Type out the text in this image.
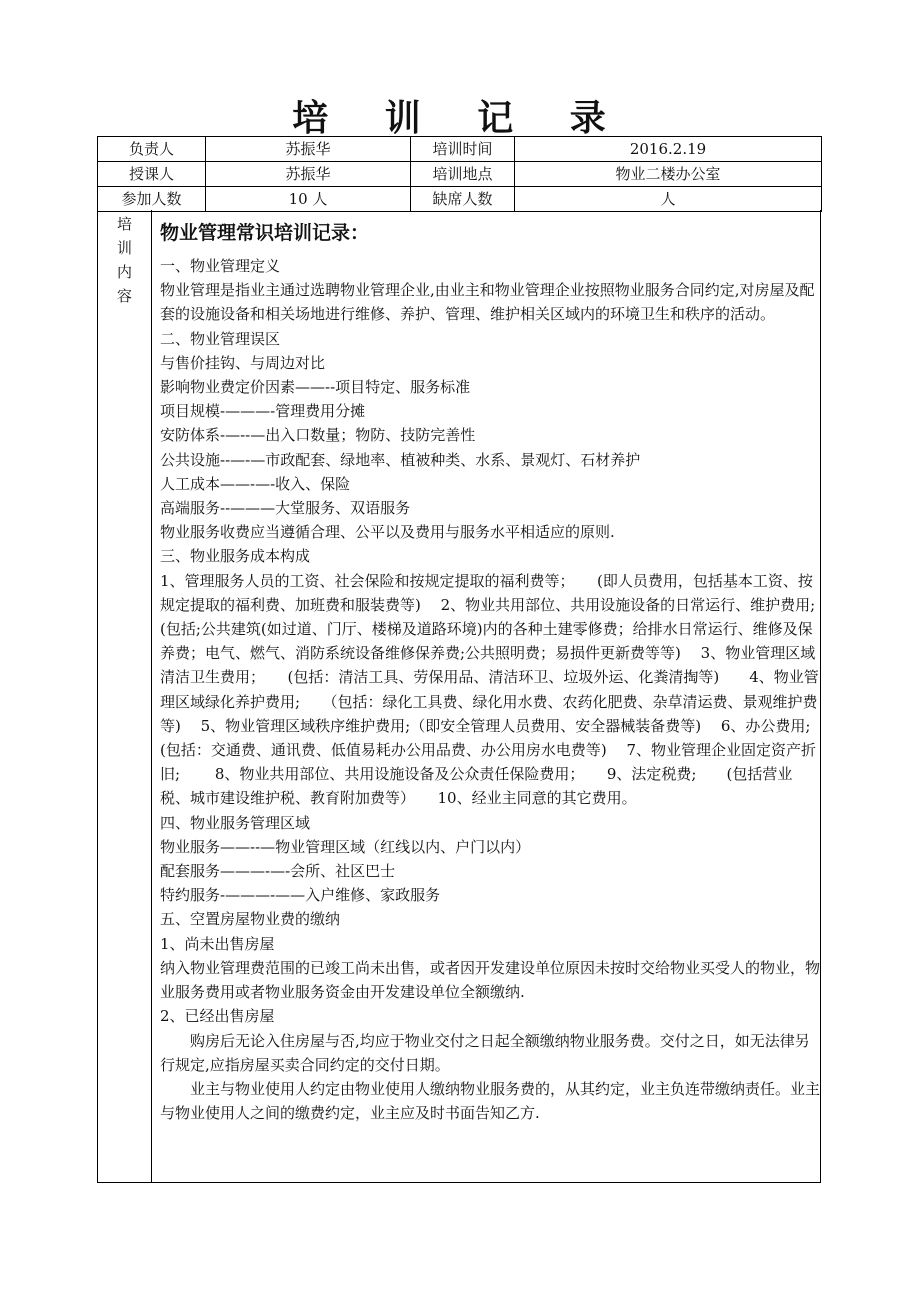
培 训 记 录
负责人	苏振华	培训时间	2016.2.19
授课人	苏振华	培训地点	物业二楼办公室
参加人数	10 人	缺席人数	人
培
训
内
容

物业管理常识培训记录：

一、物业管理定义

物业管理是指业主通过选聘物业管理企业,由业主和物业管理企业按照物业服务合同约定,对房屋及配套的设施设备和相关场地进行维修、养护、管理、维护相关区域内的环境卫生和秩序的活动。

二、物业管理误区

与售价挂钩、与周边对比

影响物业费定价因素——--项目特定、服务标准

项目规模-———-管理费用分摊

安防体系-—--—出入口数量；物防、技防完善性

公共设施--—-—市政配套、绿地率、植被种类、水系、景观灯、石材养护

人工成本——-—-收入、保险

高端服务--———大堂服务、双语服务

物业服务收费应当遵循合理、公平以及费用与服务水平相适应的原则.

三、物业服务成本构成

1、管理服务人员的工资、社会保险和按规定提取的福利费等；　　(即人员费用，包括基本工资、按规定提取的福利费、加班费和服装费等)　 2、物业共用部位、共用设施设备的日常运行、维护费用;　　(包括;公共建筑(如过道、门厅、楼梯及道路环境)内的各种土建零修费；给排水日常运行、维修及保养费；电气、燃气、消防系统设备维修保养费;公共照明费；易损件更新费等等)　 3、物业管理区域清洁卫生费用；　　(包括：清洁工具、劳保用品、清洁环卫、垃圾外运、化粪清掏等)　　4、物业管理区域绿化养护费用;　　（包括：绿化工具费、绿化用水费、农药化肥费、杂草清运费、景观维护费等)　 5、物业管理区域秩序维护费用;（即安全管理人员费用、安全器械装备费等)　 6、办公费用;　　(包括：交通费、通讯费、低值易耗办公用品费、办公用房水电费等)　 7、物业管理企业固定资产折旧;　　 8、物业共用部位、共用设施设备及公众责任保险费用；　　9、法定税费;　　(包括营业税、城市建设维护税、教育附加费等）　　10、经业主同意的其它费用。

四、物业服务管理区域

物业服务——--—物业管理区域（红线以内、户门以内）

配套服务———-—-会所、社区巴士

特约服务-———-——入户维修、家政服务

五、空置房屋物业费的缴纳

1、尚未出售房屋

纳入物业管理费范围的已竣工尚未出售，或者因开发建设单位原因未按时交给物业买受人的物业，物业服务费用或者物业服务资金由开发建设单位全额缴纳.

2、已经出售房屋

购房后无论入住房屋与否,均应于物业交付之日起全额缴纳物业服务费。交付之日，如无法律另行规定,应指房屋买卖合同约定的交付日期。

业主与物业使用人约定由物业使用人缴纳物业服务费的，从其约定，业主负连带缴纳责任。业主与物业使用人之间的缴费约定，业主应及时书面告知乙方.
